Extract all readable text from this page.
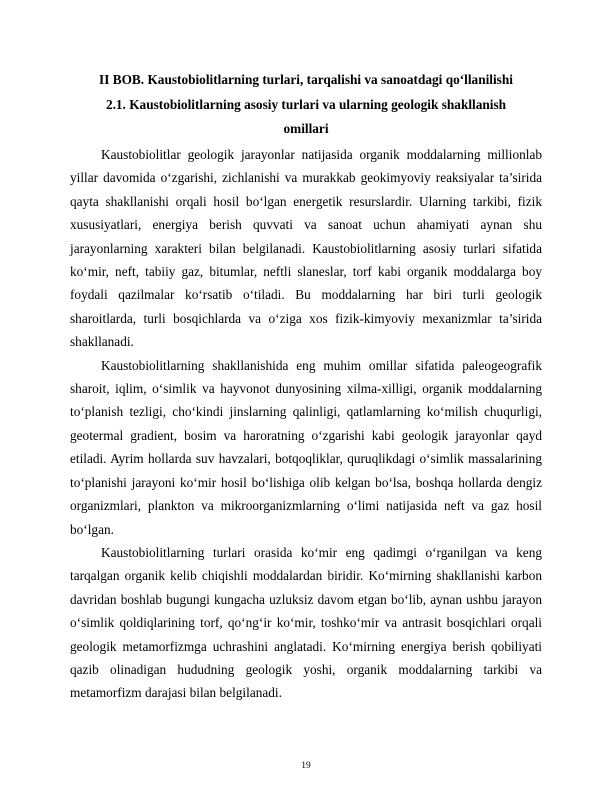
II BOB. Kaustobiolitlarning turlari, tarqalishi va sanoatdagi qo‘llanilishi
2.1. Kaustobiolitlarning asosiy turlari va ularning geologik shakllanish
omillari

Kaustobiolitlar geologik jarayonlar natijasida organik moddalarning millionlab yillar davomida o‘zgarishi, zichlanishi va murakkab geokimyoviy reaksiyalar ta’sirida qayta shakllanishi orqali hosil bo‘lgan energetik resurslardir. Ularning tarkibi, fizik xususiyatlari, energiya berish quvvati va sanoat uchun ahamiyati aynan shu jarayonlarning xarakteri bilan belgilanadi. Kaustobiolitlarning asosiy turlari sifatida ko‘mir, neft, tabiiy gaz, bitumlar, neftli slaneslar, torf kabi organik moddalarga boy foydali qazilmalar ko‘rsatib o‘tiladi. Bu moddalarning har biri turli geologik sharoitlarda, turli bosqichlarda va o‘ziga xos fizik-kimyoviy mexanizmlar ta’sirida shakllanadi.

Kaustobiolitlarning shakllanishida eng muhim omillar sifatida paleogeografik sharoit, iqlim, o‘simlik va hayvonot dunyosining xilma-xilligi, organik moddalarning to‘planish tezligi, cho‘kindi jinslarning qalinligi, qatlamlarning ko‘milish chuqurligi, geotermal gradient, bosim va haroratning o‘zgarishi kabi geologik jarayonlar qayd etiladi. Ayrim hollarda suv havzalari, botqoqliklar, quruqlikdagi o‘simlik massalarining to‘planishi jarayoni ko‘mir hosil bo‘lishiga olib kelgan bo‘lsa, boshqa hollarda dengiz organizmlari, plankton va mikroorganizmlarning o‘limi natijasida neft va gaz hosil bo‘lgan.

Kaustobiolitlarning turlari orasida ko‘mir eng qadimgi o‘rganilgan va keng tarqalgan organik kelib chiqishli moddalardan biridir. Ko‘mirning shakllanishi karbon davridan boshlab bugungi kungacha uzluksiz davom etgan bo‘lib, aynan ushbu jarayon o‘simlik qoldiqlarining torf, qo‘ng‘ir ko‘mir, toshko‘mir va antrasit bosqichlari orqali geologik metamorfizmga uchrashini anglatadi. Ko‘mirning energiya berish qobiliyati qazib olinadigan hududning geologik yoshi, organik moddalarning tarkibi va metamorfizm darajasi bilan belgilanadi.

19
